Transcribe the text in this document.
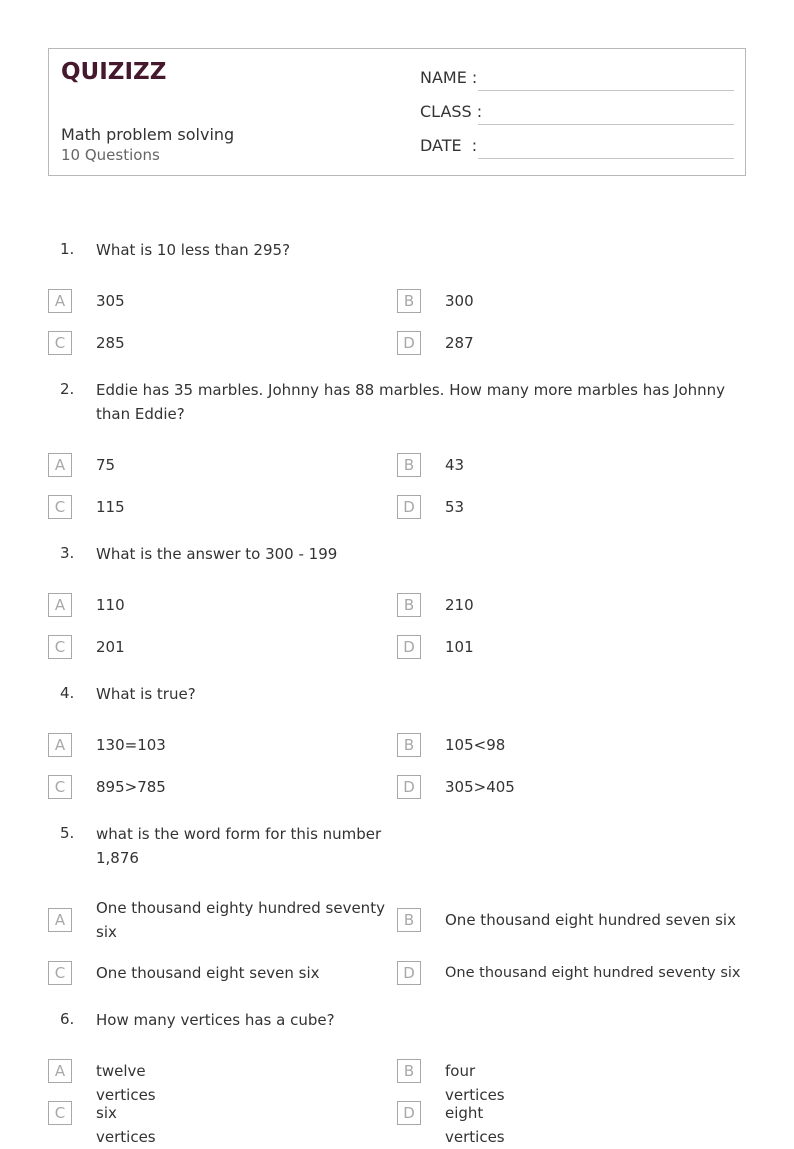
QUIZIZZ
Math problem solving
10 Questions
NAME :
CLASS :
DATE  :
1. What is 10 less than 295?
A	305	B	300
C	285	D	287
2. Eddie has 35 marbles. Johnny has 88 marbles. How many more marbles has Johnny than Eddie?
A	75	B	43
C	115	D	53
3. What is the answer to 300 - 199
A	110	B	210
C	201	D	101
4. What is true?
A	130=103	B	105<98
C	895>785	D	305>405
5. what is the word form for this number 1,876
A
One thousand eighty hundred seventy six
B	One thousand eight hundred seven six
C	One thousand eight seven six	D	One thousand eight hundred seventy six
6. How many vertices has a cube?
A	twelve vertices
B	four vertices
C	six vertices
D	eight vertices
